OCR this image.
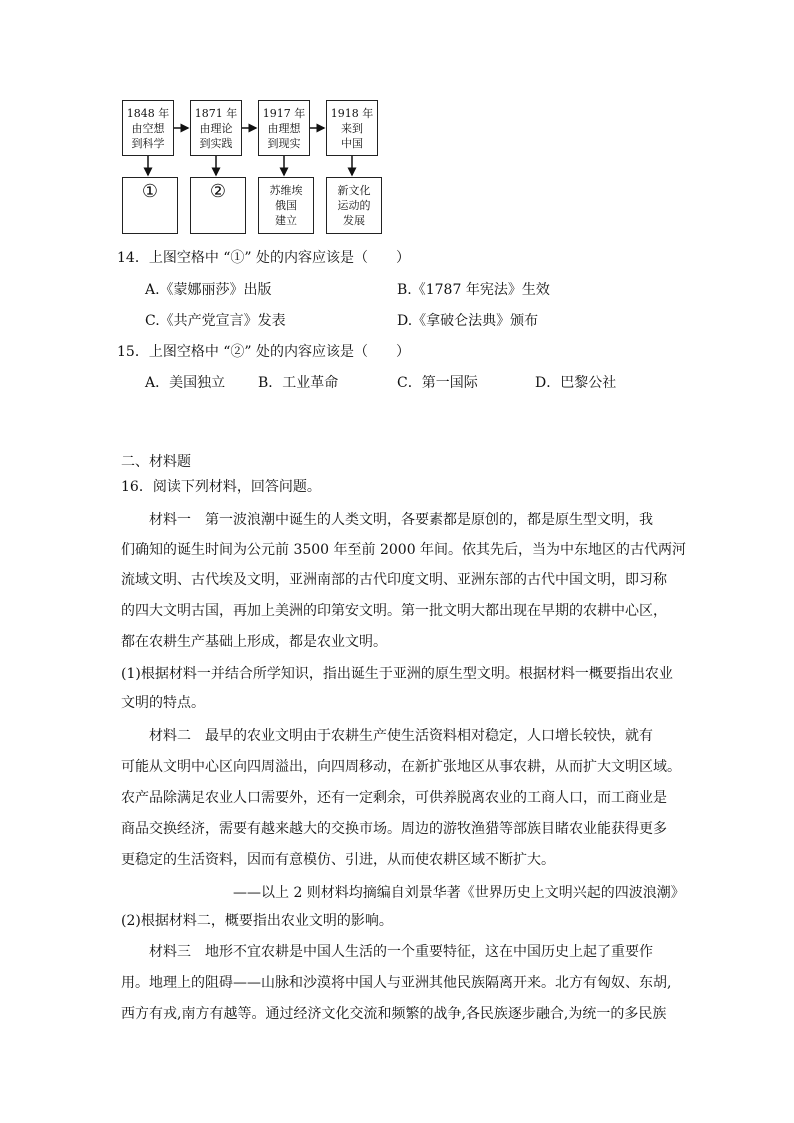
1848 年
由空想
到科学
1871 年
由理论
到实践
1917 年
由理想
到现实
1918 年
来到
中国
①	②	苏维埃
俄国
建立
新文化
运动的
发展
14．上图空格中 “①” 处的内容应该是（　　）
A.《蒙娜丽莎》出版	B.《1787 年宪法》生效
C.《共产党宣言》发表	D.《拿破仑法典》颁布
15．上图空格中 “②” 处的内容应该是（　　）
A．美国独立 B．工业革命	C．第一国际	D．巴黎公社
二、材料题
16．阅读下列材料，回答问题。
　　材料一　第一波浪潮中诞生的人类文明，各要素都是原创的，都是原生型文明，我
们确知的诞生时间为公元前 3500 年至前 2000 年间。依其先后，当为中东地区的古代两河
流域文明、古代埃及文明，亚洲南部的古代印度文明、亚洲东部的古代中国文明，即习称
的四大文明古国，再加上美洲的印第安文明。第一批文明大都出现在早期的农耕中心区，
都在农耕生产基础上形成，都是农业文明。
(1)根据材料一并结合所学知识，指出诞生于亚洲的原生型文明。根据材料一概要指出农业
文明的特点。
　　材料二　最早的农业文明由于农耕生产使生活资料相对稳定，人口增长较快，就有
可能从文明中心区向四周溢出，向四周移动，在新扩张地区从事农耕，从而扩大文明区域。
农产品除满足农业人口需要外，还有一定剩余，可供养脱离农业的工商人口，而工商业是
商品交换经济，需要有越来越大的交换市场。周边的游牧渔猎等部族目睹农业能获得更多
更稳定的生活资料，因而有意模仿、引进，从而使农耕区域不断扩大。
　　　　　　　　——以上 2 则材料均摘编自刘景华著《世界历史上文明兴起的四波浪潮》
(2)根据材料二，概要指出农业文明的影响。
　　材料三　地形不宜农耕是中国人生活的一个重要特征，这在中国历史上起了重要作
用。地理上的阻碍——山脉和沙漠将中国人与亚洲其他民族隔离开来。北方有匈奴、东胡,
西方有戎,南方有越等。通过经济文化交流和频繁的战争,各民族逐步融合,为统一的多民族
